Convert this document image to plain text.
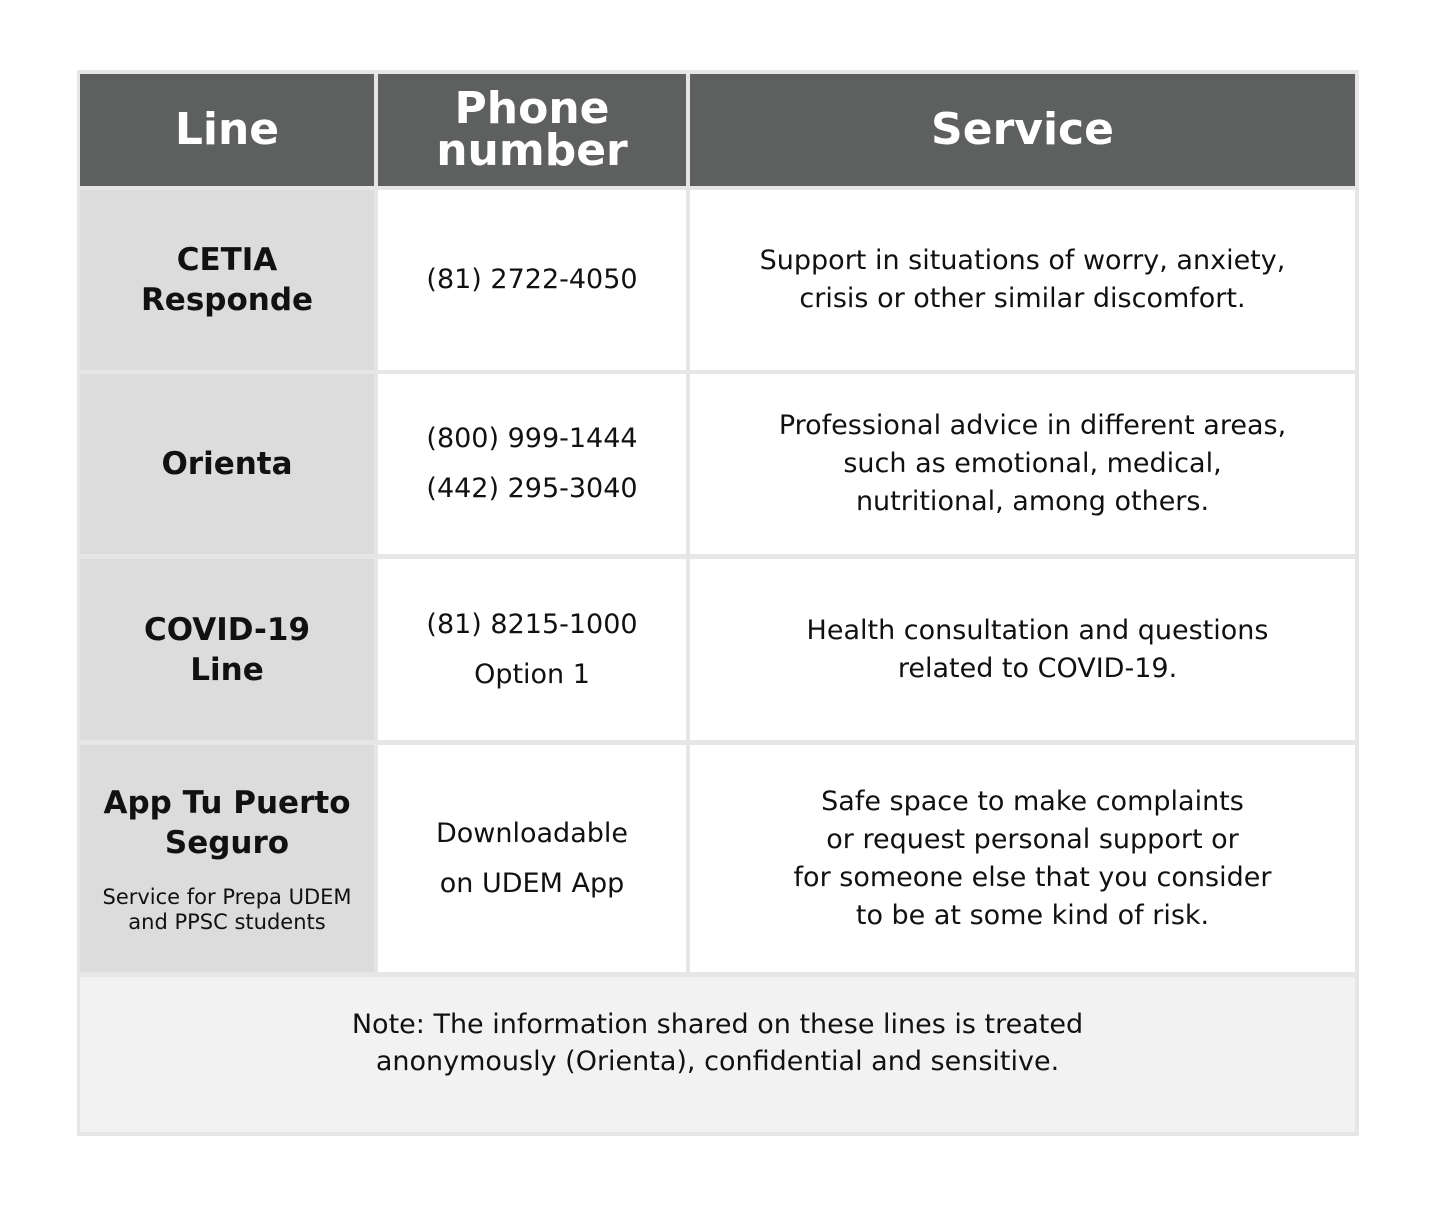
Line	Phone
number	Service
CETIA
Responde
(81) 2722-4050
Support in situations of worry, anxiety,
crisis or other similar discomfort.
Orienta
(800) 999-1444
(442) 295-3040
Professional advice in different areas,
such as emotional, medical,
nutritional, among others.
COVID-19
Line
(81) 8215-1000
Option 1
Health consultation and questions
related to COVID-19.
App Tu Puerto
Seguro
Service for Prepa UDEM
and PPSC students
Downloadable
on UDEM App
Safe space to make complaints
or request personal support or
for someone else that you consider
to be at some kind of risk.
Note: The information shared on these lines is treated
anonymously (Orienta), confidential and sensitive.
